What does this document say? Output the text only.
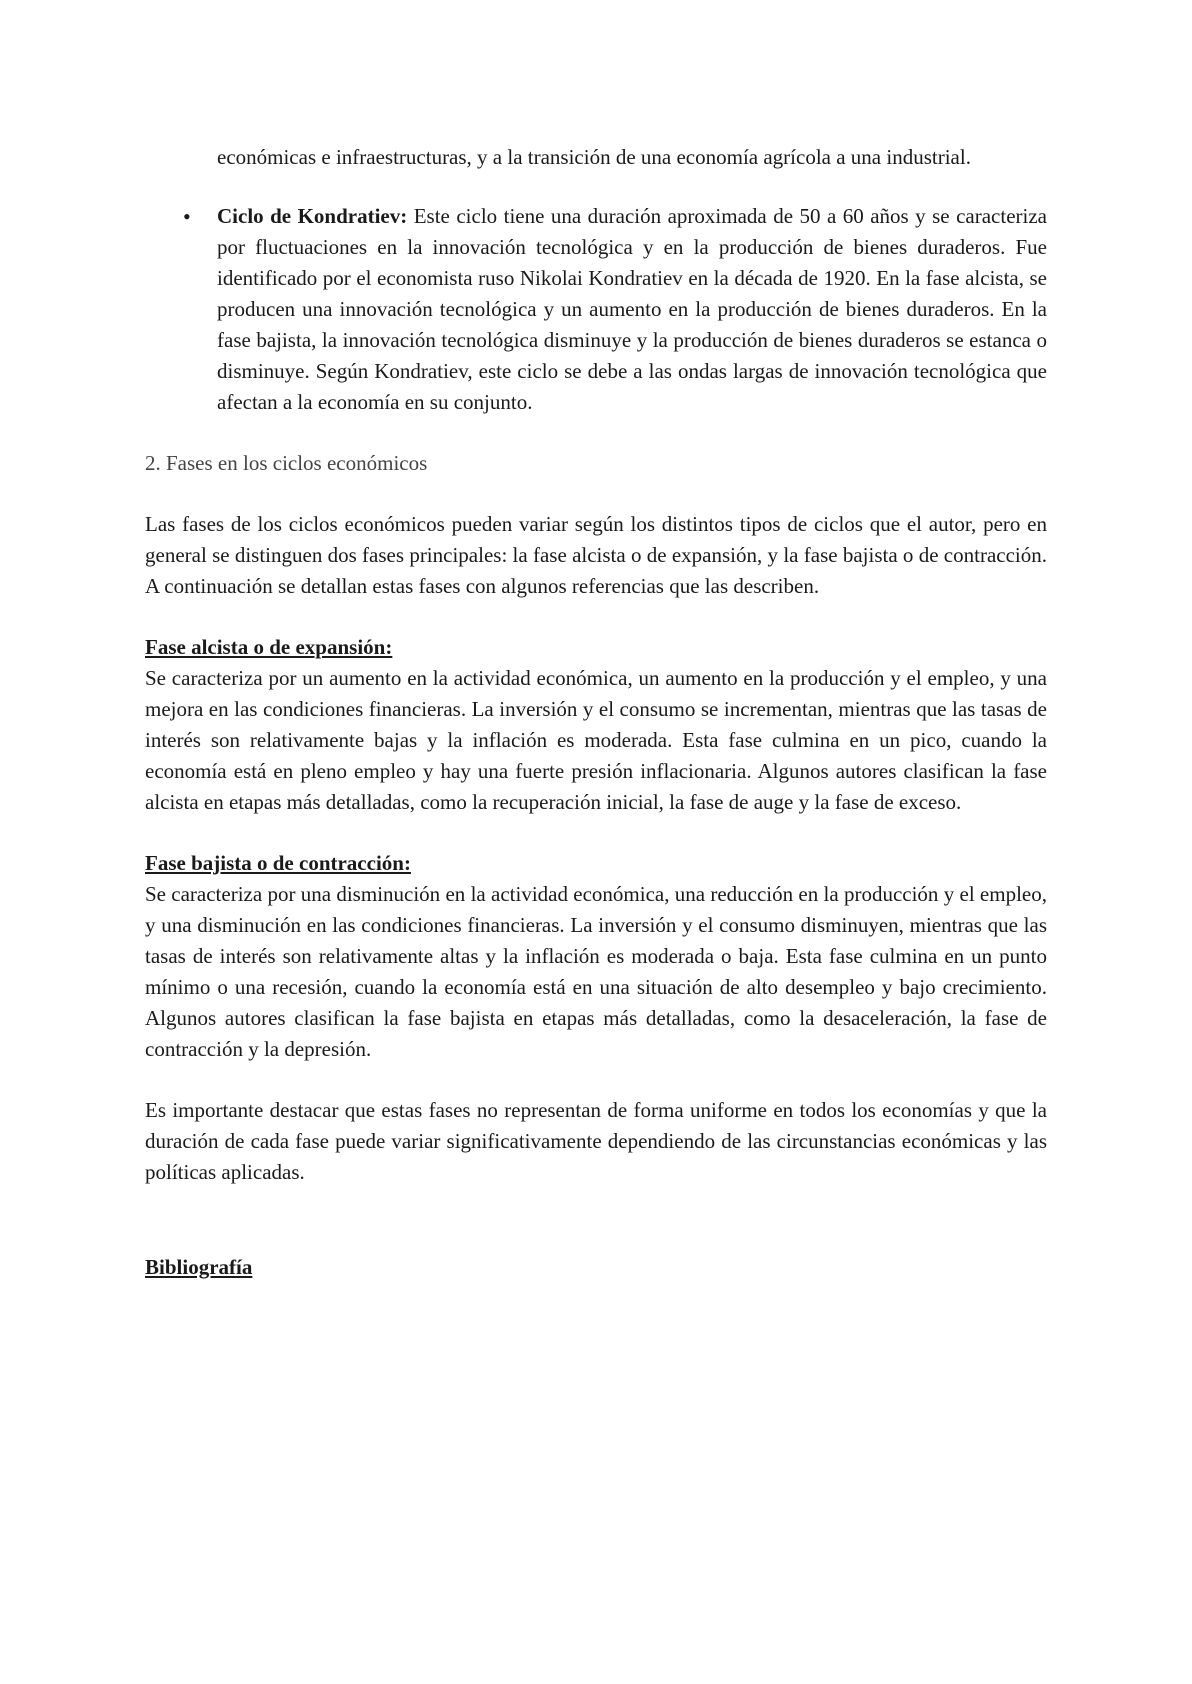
económicas e infraestructuras, y a la transición de una economía agrícola a una industrial.

• Ciclo de Kondratiev: Este ciclo tiene una duración aproximada de 50 a 60 años y se caracteriza por fluctuaciones en la innovación tecnológica y en la producción de bienes duraderos. Fue identificado por el economista ruso Nikolai Kondratiev en la década de 1920. En la fase alcista, se producen una innovación tecnológica y un aumento en la producción de bienes duraderos. En la fase bajista, la innovación tecnológica disminuye y la producción de bienes duraderos se estanca o disminuye. Según Kondratiev, este ciclo se debe a las ondas largas de innovación tecnológica que afectan a la economía en su conjunto.
2. Fases en los ciclos económicos

Las fases de los ciclos económicos pueden variar según los distintos tipos de ciclos que el autor, pero en general se distinguen dos fases principales: la fase alcista o de expansión, y la fase bajista o de contracción. A continuación se detallan estas fases con algunos referencias que las describen.

Fase alcista o de expansión:
Se caracteriza por un aumento en la actividad económica, un aumento en la producción y el empleo, y una mejora en las condiciones financieras. La inversión y el consumo se incrementan, mientras que las tasas de interés son relativamente bajas y la inflación es moderada. Esta fase culmina en un pico, cuando la economía está en pleno empleo y hay una fuerte presión inflacionaria. Algunos autores clasifican la fase alcista en etapas más detalladas, como la recuperación inicial, la fase de auge y la fase de exceso.
Fase bajista o de contracción:
Se caracteriza por una disminución en la actividad económica, una reducción en la producción y el empleo, y una disminución en las condiciones financieras. La inversión y el consumo disminuyen, mientras que las tasas de interés son relativamente altas y la inflación es moderada o baja. Esta fase culmina en un punto mínimo o una recesión, cuando la economía está en una situación de alto desempleo y bajo crecimiento. Algunos autores clasifican la fase bajista en etapas más detalladas, como la desaceleración, la fase de contracción y la depresión.

Es importante destacar que estas fases no representan de forma uniforme en todos los economías y que la duración de cada fase puede variar significativamente dependiendo de las circunstancias económicas y las políticas aplicadas.

Bibliografía
